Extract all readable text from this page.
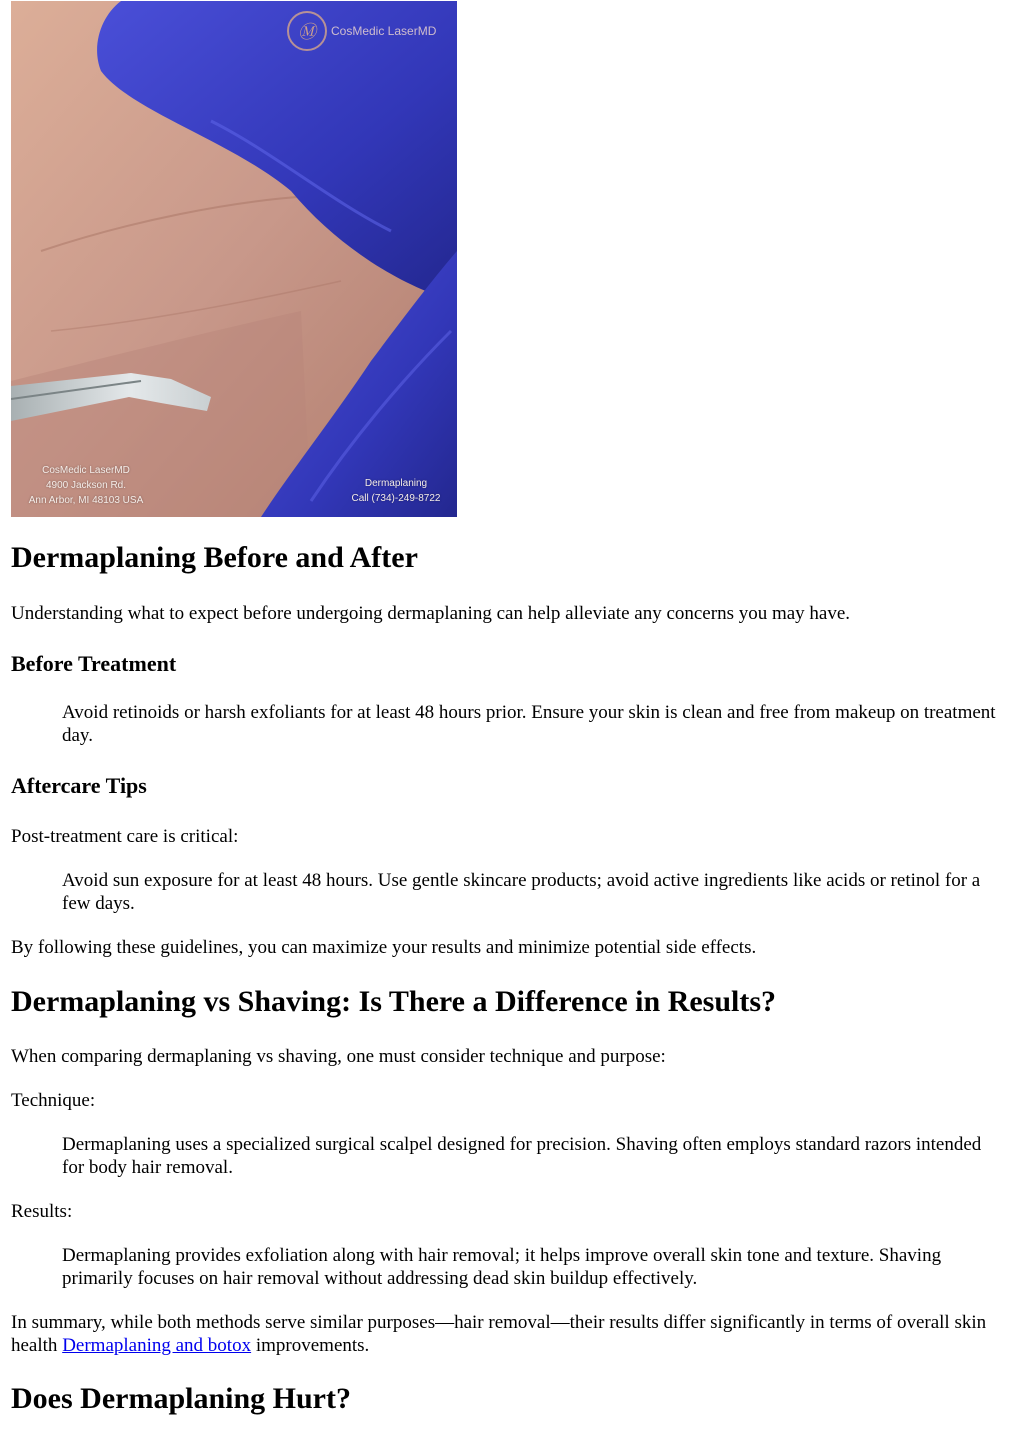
Ⓜ	CosMedic LaserMD
CosMedic LaserMD
4900 Jackson Rd.
Ann Arbor, MI 48103 USA
Dermaplaning
Call (734)-249-8722
Dermaplaning Before and After

Understanding what to expect before undergoing dermaplaning can help alleviate any concerns you may have.

Before Treatment

Avoid retinoids or harsh exfoliants for at least 48 hours prior. Ensure your skin is clean and free from makeup on treatment day.

Aftercare Tips

Post-treatment care is critical:

Avoid sun exposure for at least 48 hours. Use gentle skincare products; avoid active ingredients like acids or retinol for a few days.

By following these guidelines, you can maximize your results and minimize potential side effects.

Dermaplaning vs Shaving: Is There a Difference in Results?

When comparing dermaplaning vs shaving, one must consider technique and purpose:

Technique:

Dermaplaning uses a specialized surgical scalpel designed for precision. Shaving often employs standard razors intended for body hair removal.

Results:

Dermaplaning provides exfoliation along with hair removal; it helps improve overall skin tone and texture. Shaving primarily focuses on hair removal without addressing dead skin buildup effectively.

In summary, while both methods serve similar purposes—hair removal—their results differ significantly in terms of overall skin health Dermaplaning and botox improvements.

Does Dermaplaning Hurt?
